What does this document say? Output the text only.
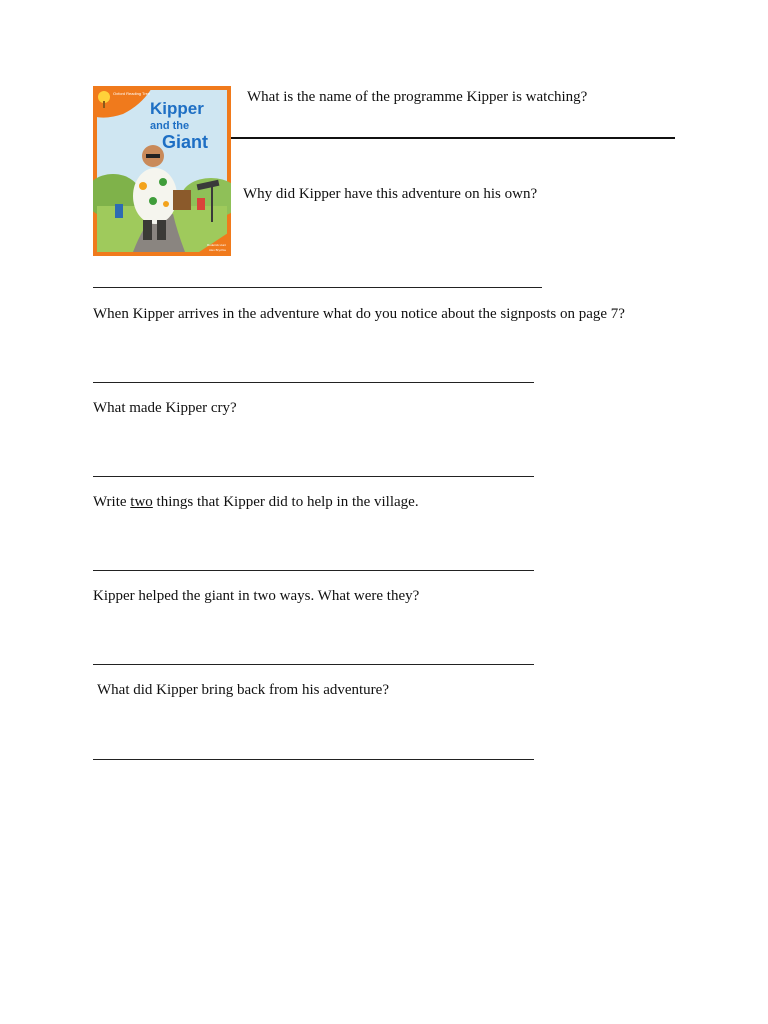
Oxford Reading Tree
Kipper
and the
Giant
Roderick Hunt
Alex Brychta
What is the name of the programme Kipper is watching?
Why did Kipper have this adventure on his own?
When Kipper arrives in the adventure what do you notice about the signposts on page 7?
What made Kipper cry?
Write two things that Kipper did to help in the village.
Kipper helped the giant in two ways. What were they?
What did Kipper bring back from his adventure?
